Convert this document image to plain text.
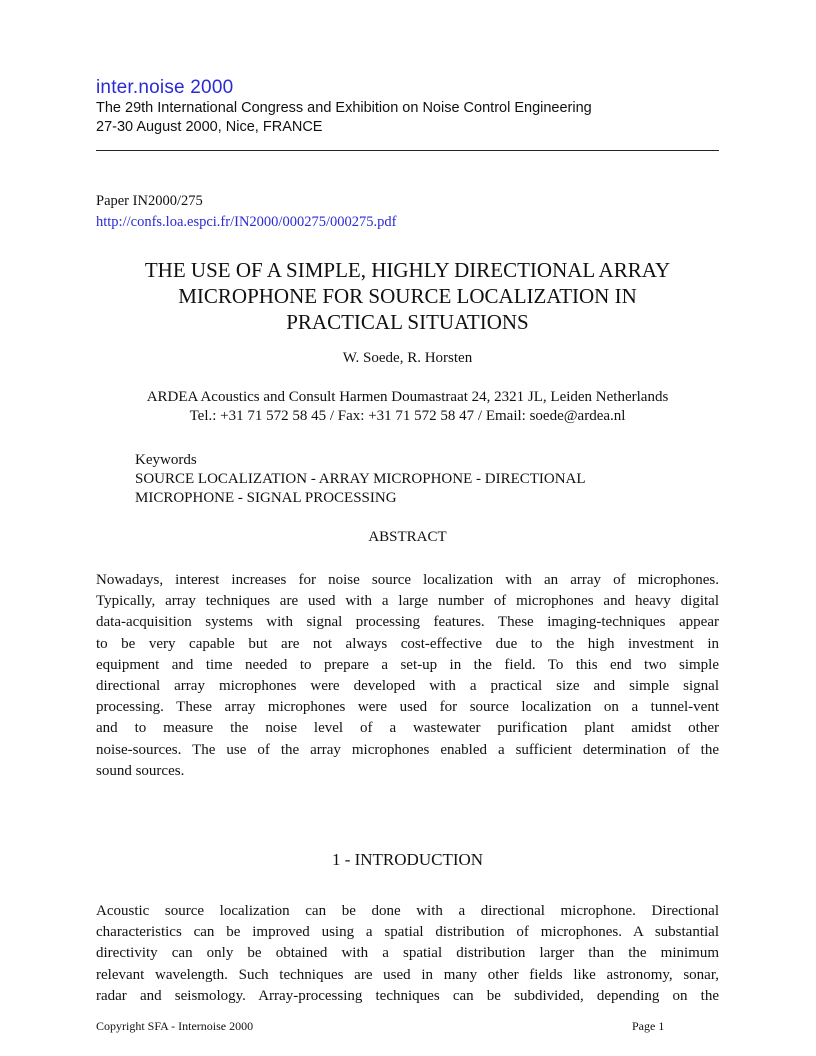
inter.noise 2000
The 29th International Congress and Exhibition on Noise Control Engineering
27-30 August 2000, Nice, FRANCE
Paper IN2000/275
http://confs.loa.espci.fr/IN2000/000275/000275.pdf
THE USE OF A SIMPLE, HIGHLY DIRECTIONAL ARRAY
MICROPHONE FOR SOURCE LOCALIZATION IN
PRACTICAL SITUATIONS
W. Soede, R. Horsten
ARDEA Acoustics and Consult Harmen Doumastraat 24, 2321 JL, Leiden Netherlands
Tel.: +31 71 572 58 45 / Fax: +31 71 572 58 47 / Email: soede@ardea.nl
Keywords
SOURCE LOCALIZATION - ARRAY MICROPHONE - DIRECTIONAL
MICROPHONE - SIGNAL PROCESSING
ABSTRACT
Nowadays, interest increases for noise source localization with an array of microphones.
Typically, array techniques are used with a large number of microphones and heavy digital
data-acquisition systems with signal processing features. These imaging-techniques appear
to be very capable but are not always cost-effective due to the high investment in
equipment and time needed to prepare a set-up in the field. To this end two simple
directional array microphones were developed with a practical size and simple signal
processing. These array microphones were used for source localization on a tunnel-vent
and to measure the noise level of a wastewater purification plant amidst other
noise-sources. The use of the array microphones enabled a sufficient determination of the
sound sources.
1 - INTRODUCTION
Acoustic source localization can be done with a directional microphone. Directional
characteristics can be improved using a spatial distribution of microphones. A substantial
directivity can only be obtained with a spatial distribution larger than the minimum
relevant wavelength. Such techniques are used in many other fields like astronomy, sonar,
radar and seismology. Array-processing techniques can be subdivided, depending on the
Copyright SFA - Internoise 2000	Page 1
